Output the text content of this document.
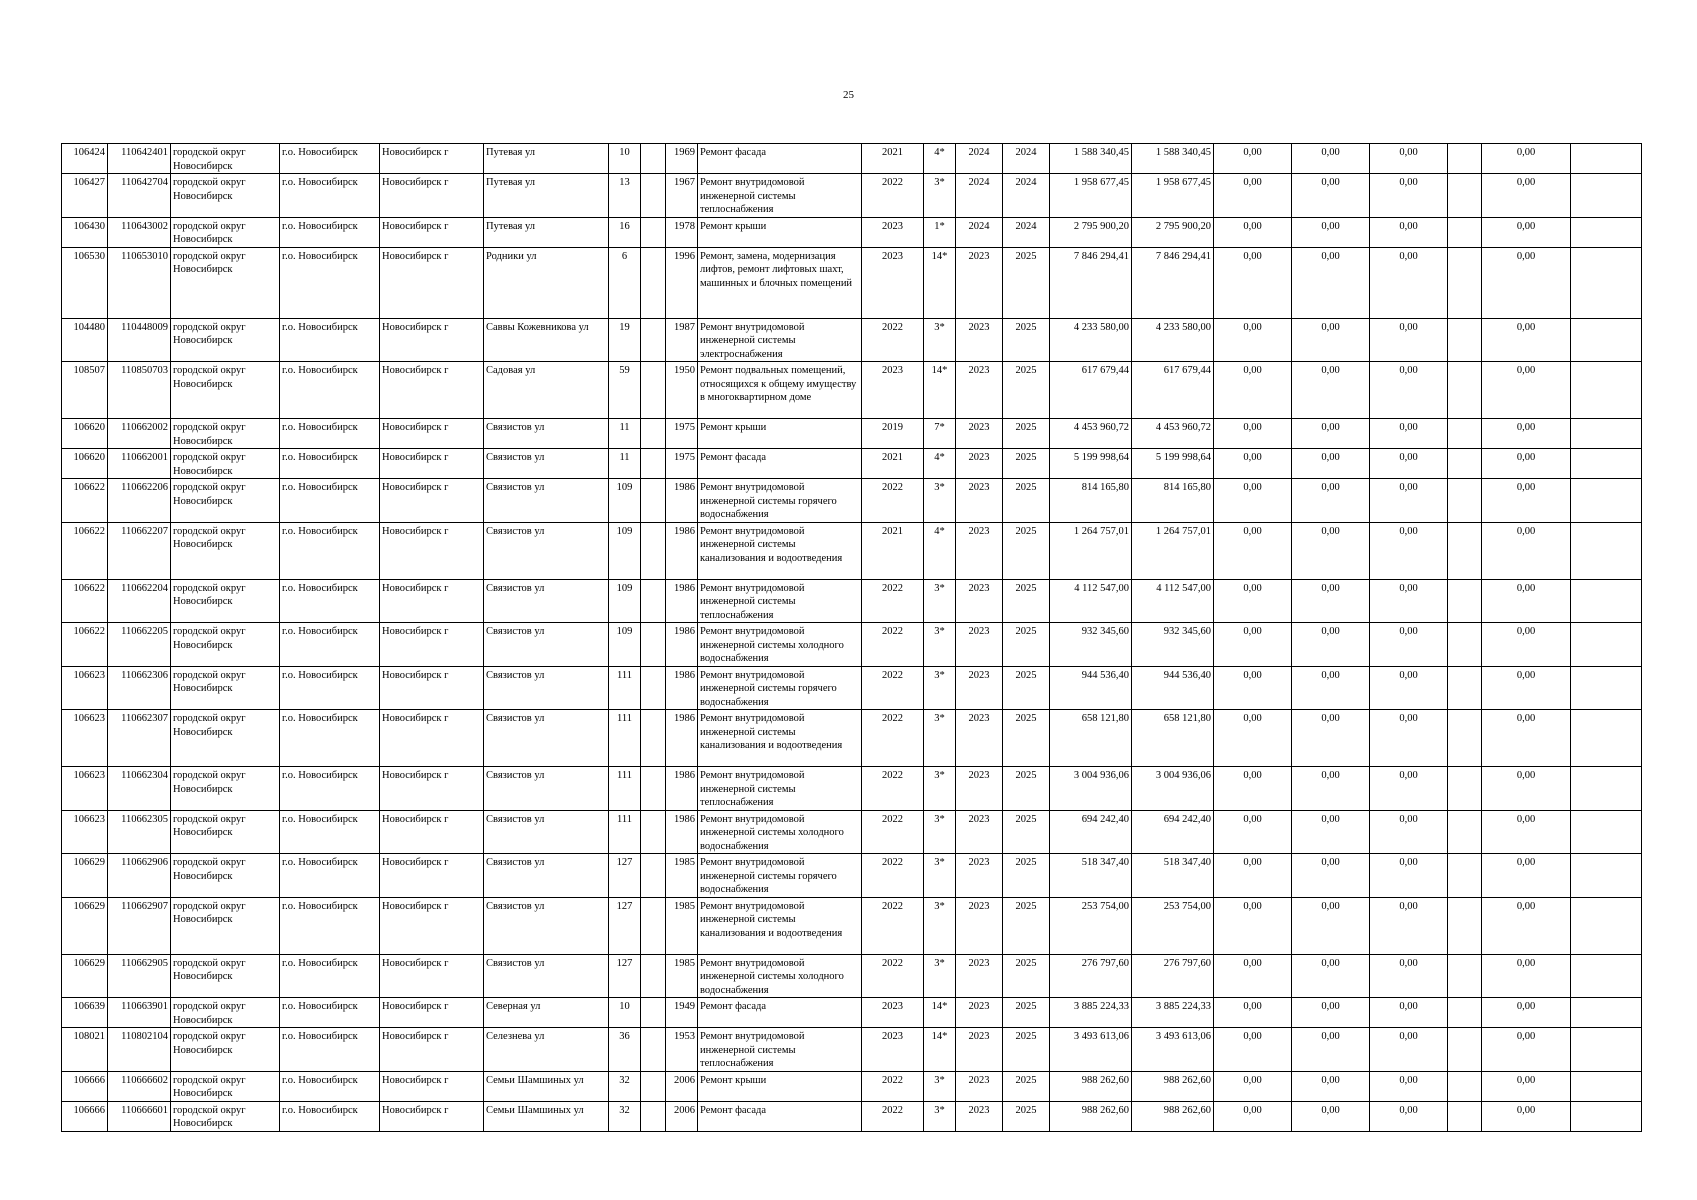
25
106424	110642401	городской округ Новосибирск	г.о. Новосибирск	Новосибирск г	Путевая ул	10		1969	Ремонт фасада	2021	4*	2024	2024	1 588 340,45	1 588 340,45	0,00	0,00	0,00		0,00	
106427	110642704	городской округ Новосибирск	г.о. Новосибирск	Новосибирск г	Путевая ул	13		1967	Ремонт внутридомовой инженерной системы теплоснабжения	2022	3*	2024	2024	1 958 677,45	1 958 677,45	0,00	0,00	0,00		0,00	
106430	110643002	городской округ Новосибирск	г.о. Новосибирск	Новосибирск г	Путевая ул	16		1978	Ремонт крыши	2023	1*	2024	2024	2 795 900,20	2 795 900,20	0,00	0,00	0,00		0,00	
106530	110653010	городской округ Новосибирск	г.о. Новосибирск	Новосибирск г	Родники ул	6		1996	Ремонт, замена, модернизация лифтов, ремонт лифтовых шахт, машинных и блочных помещений	2023	14*	2023	2025	7 846 294,41	7 846 294,41	0,00	0,00	0,00		0,00	
104480	110448009	городской округ Новосибирск	г.о. Новосибирск	Новосибирск г	Саввы Кожевникова ул	19		1987	Ремонт внутридомовой инженерной системы электроснабжения	2022	3*	2023	2025	4 233 580,00	4 233 580,00	0,00	0,00	0,00		0,00	
108507	110850703	городской округ Новосибирск	г.о. Новосибирск	Новосибирск г	Садовая ул	59		1950	Ремонт подвальных помещений, относящихся к общему имуществу в многоквартирном доме	2023	14*	2023	2025	617 679,44	617 679,44	0,00	0,00	0,00		0,00	
106620	110662002	городской округ Новосибирск	г.о. Новосибирск	Новосибирск г	Связистов ул	11		1975	Ремонт крыши	2019	7*	2023	2025	4 453 960,72	4 453 960,72	0,00	0,00	0,00		0,00	
106620	110662001	городской округ Новосибирск	г.о. Новосибирск	Новосибирск г	Связистов ул	11		1975	Ремонт фасада	2021	4*	2023	2025	5 199 998,64	5 199 998,64	0,00	0,00	0,00		0,00	
106622	110662206	городской округ Новосибирск	г.о. Новосибирск	Новосибирск г	Связистов ул	109		1986	Ремонт внутридомовой инженерной системы горячего водоснабжения	2022	3*	2023	2025	814 165,80	814 165,80	0,00	0,00	0,00		0,00	
106622	110662207	городской округ Новосибирск	г.о. Новосибирск	Новосибирск г	Связистов ул	109		1986	Ремонт внутридомовой инженерной системы канализования и водоотведения	2021	4*	2023	2025	1 264 757,01	1 264 757,01	0,00	0,00	0,00		0,00	
106622	110662204	городской округ Новосибирск	г.о. Новосибирск	Новосибирск г	Связистов ул	109		1986	Ремонт внутридомовой инженерной системы теплоснабжения	2022	3*	2023	2025	4 112 547,00	4 112 547,00	0,00	0,00	0,00		0,00	
106622	110662205	городской округ Новосибирск	г.о. Новосибирск	Новосибирск г	Связистов ул	109		1986	Ремонт внутридомовой инженерной системы холодного водоснабжения	2022	3*	2023	2025	932 345,60	932 345,60	0,00	0,00	0,00		0,00	
106623	110662306	городской округ Новосибирск	г.о. Новосибирск	Новосибирск г	Связистов ул	111		1986	Ремонт внутридомовой инженерной системы горячего водоснабжения	2022	3*	2023	2025	944 536,40	944 536,40	0,00	0,00	0,00		0,00	
106623	110662307	городской округ Новосибирск	г.о. Новосибирск	Новосибирск г	Связистов ул	111		1986	Ремонт внутридомовой инженерной системы канализования и водоотведения	2022	3*	2023	2025	658 121,80	658 121,80	0,00	0,00	0,00		0,00	
106623	110662304	городской округ Новосибирск	г.о. Новосибирск	Новосибирск г	Связистов ул	111		1986	Ремонт внутридомовой инженерной системы теплоснабжения	2022	3*	2023	2025	3 004 936,06	3 004 936,06	0,00	0,00	0,00		0,00	
106623	110662305	городской округ Новосибирск	г.о. Новосибирск	Новосибирск г	Связистов ул	111		1986	Ремонт внутридомовой инженерной системы холодного водоснабжения	2022	3*	2023	2025	694 242,40	694 242,40	0,00	0,00	0,00		0,00	
106629	110662906	городской округ Новосибирск	г.о. Новосибирск	Новосибирск г	Связистов ул	127		1985	Ремонт внутридомовой инженерной системы горячего водоснабжения	2022	3*	2023	2025	518 347,40	518 347,40	0,00	0,00	0,00		0,00	
106629	110662907	городской округ Новосибирск	г.о. Новосибирск	Новосибирск г	Связистов ул	127		1985	Ремонт внутридомовой инженерной системы канализования и водоотведения	2022	3*	2023	2025	253 754,00	253 754,00	0,00	0,00	0,00		0,00	
106629	110662905	городской округ Новосибирск	г.о. Новосибирск	Новосибирск г	Связистов ул	127		1985	Ремонт внутридомовой инженерной системы холодного водоснабжения	2022	3*	2023	2025	276 797,60	276 797,60	0,00	0,00	0,00		0,00	
106639	110663901	городской округ Новосибирск	г.о. Новосибирск	Новосибирск г	Северная ул	10		1949	Ремонт фасада	2023	14*	2023	2025	3 885 224,33	3 885 224,33	0,00	0,00	0,00		0,00	
108021	110802104	городской округ Новосибирск	г.о. Новосибирск	Новосибирск г	Селезнева ул	36		1953	Ремонт внутридомовой инженерной системы теплоснабжения	2023	14*	2023	2025	3 493 613,06	3 493 613,06	0,00	0,00	0,00		0,00	
106666	110666602	городской округ Новосибирск	г.о. Новосибирск	Новосибирск г	Семьи Шамшиных ул	32		2006	Ремонт крыши	2022	3*	2023	2025	988 262,60	988 262,60	0,00	0,00	0,00		0,00	
106666	110666601	городской округ Новосибирск	г.о. Новосибирск	Новосибирск г	Семьи Шамшиных ул	32		2006	Ремонт фасада	2022	3*	2023	2025	988 262,60	988 262,60	0,00	0,00	0,00		0,00	
